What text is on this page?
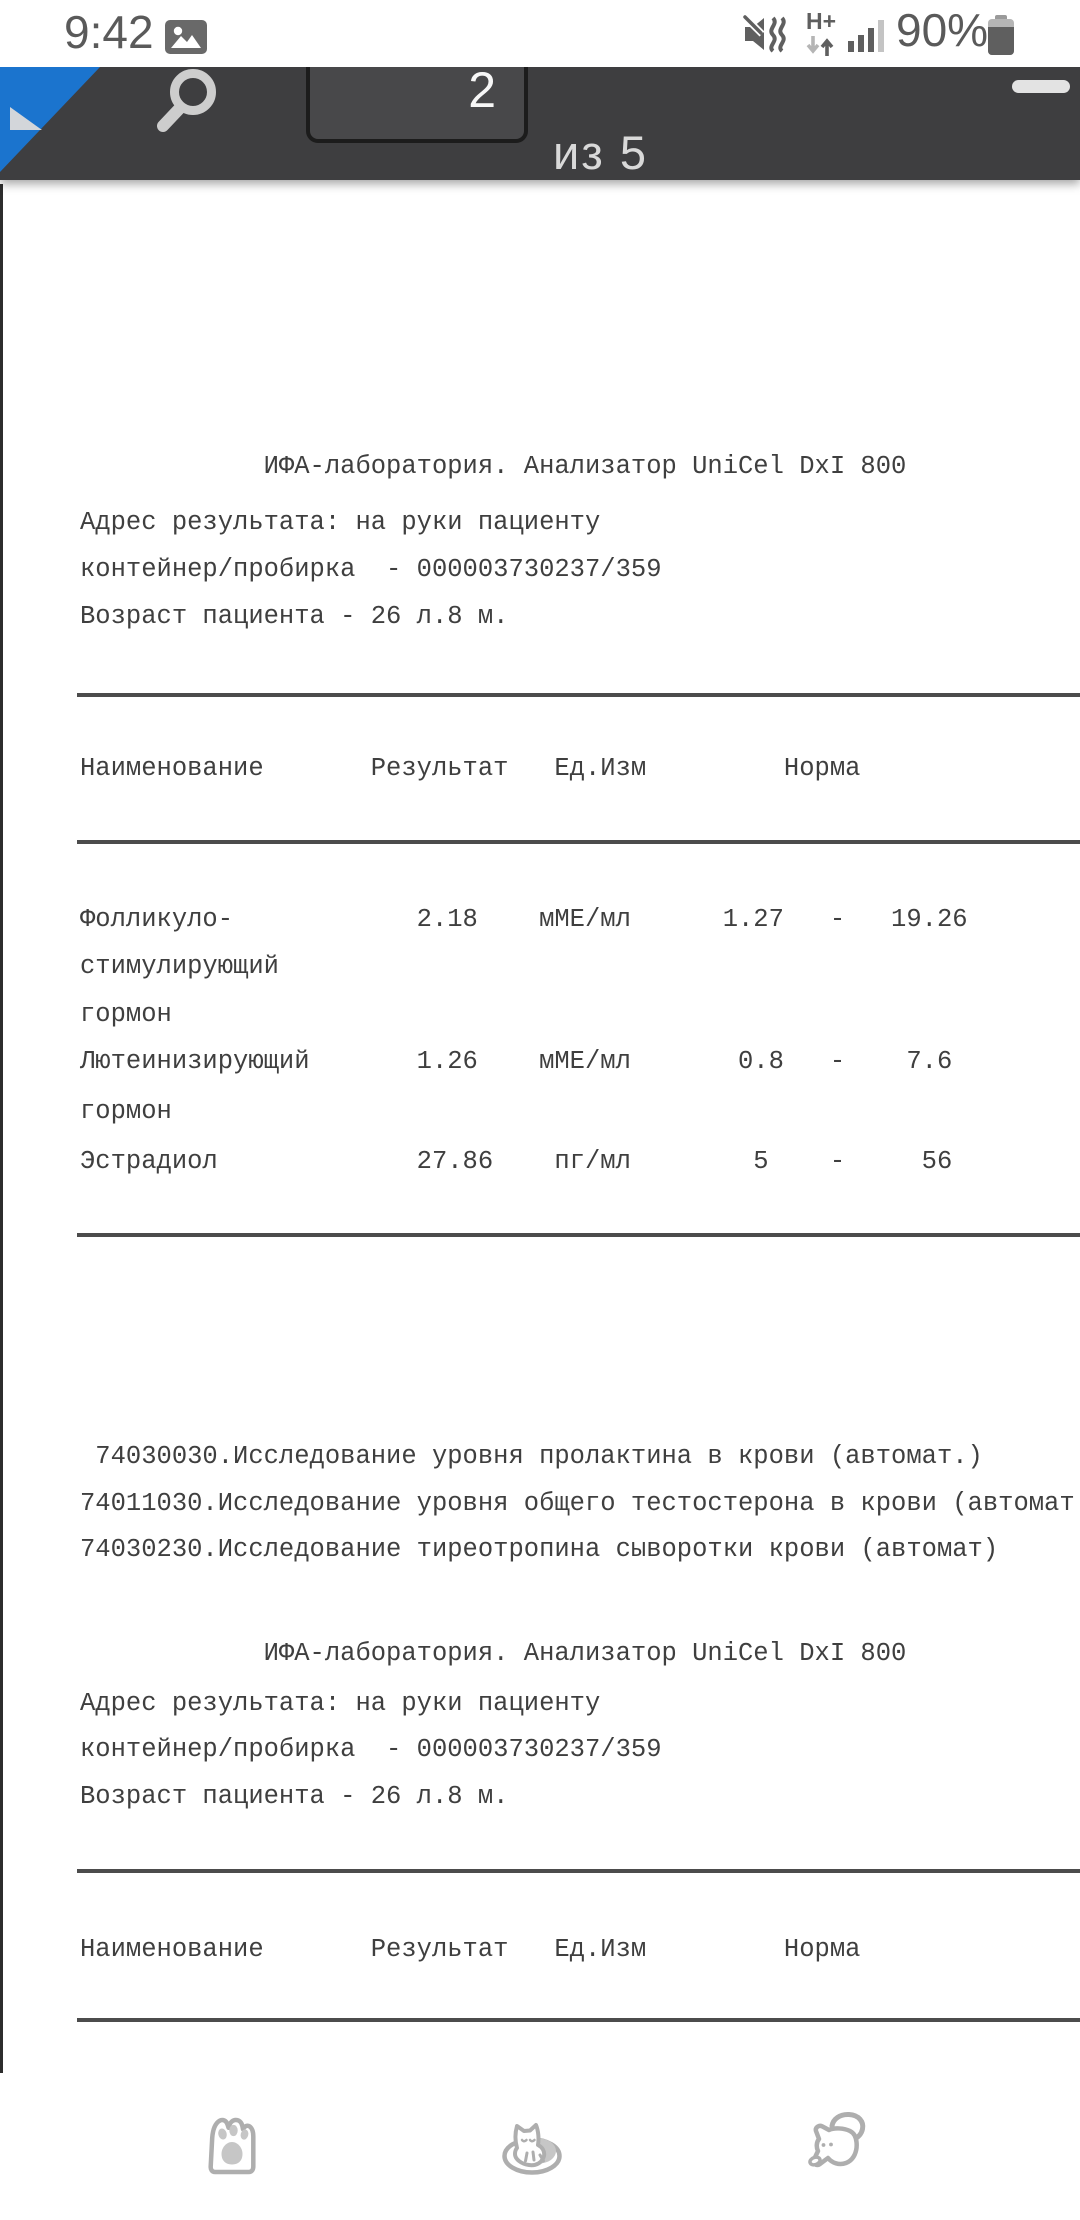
9:42	H+ 90%
2
из 5
ИФА-лаборатория. Анализатор UniCel DxI 800
Адрес результата: на руки пациенту
контейнер/пробирка  - 000003730237/359
Возраст пациента - 26 л.8 м.
Наименование       Результат   Ед.Изм         Норма
Фолликуло-            2.18    мМЕ/мл      1.27   -   19.26
стимулирующий
гормон
Лютеинизирующий       1.26    мМЕ/мл       0.8   -    7.6
гормон
Эстрадиол             27.86    пг/мл        5    -     56
74030030.Исследование уровня пролактина в крови (автомат.)
74011030.Исследование уровня общего тестостерона в крови (автомат
74030230.Исследование тиреотропина сыворотки крови (автомат)
ИФА-лаборатория. Анализатор UniCel DxI 800
Адрес результата: на руки пациенту
контейнер/пробирка  - 000003730237/359
Возраст пациента - 26 л.8 м.
Наименование       Результат   Ед.Изм         Норма
